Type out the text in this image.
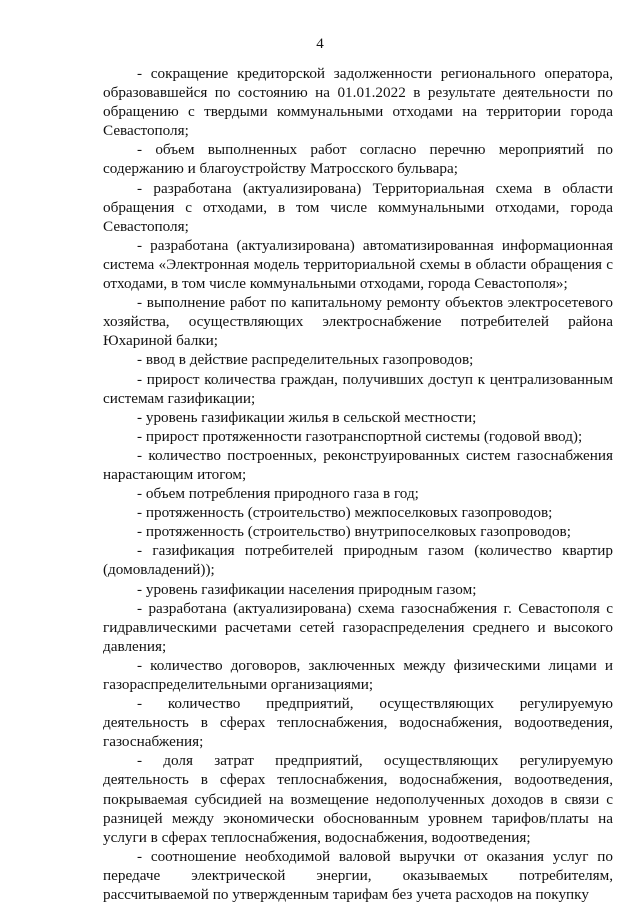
4

- сокращение кредиторской задолженности регионального оператора, образовавшейся по состоянию на 01.01.2022 в результате деятельности по обращению с твердыми коммунальными отходами на территории города Севастополя;

- объем выполненных работ согласно перечню мероприятий по содержанию и благоустройству Матросского бульвара;

- разработана (актуализирована) Территориальная схема в области обращения с отходами, в том числе коммунальными отходами, города Севастополя;

- разработана (актуализирована) автоматизированная информационная система «Электронная модель территориальной схемы в области обращения с отходами, в том числе коммунальными отходами, города Севастополя»;

- выполнение работ по капитальному ремонту объектов электросетевого хозяйства, осуществляющих электроснабжение потребителей района Юхариной балки;

- ввод в действие распределительных газопроводов;

- прирост количества граждан, получивших доступ к централизованным системам газификации;

- уровень газификации жилья в сельской местности;

- прирост протяженности газотранспортной системы (годовой ввод);

- количество построенных, реконструированных систем газоснабжения нарастающим итогом;

- объем потребления природного газа в год;

- протяженность (строительство) межпоселковых газопроводов;

- протяженность (строительство) внутрипоселковых газопроводов;

- газификация потребителей природным газом (количество квартир (домовладений));

- уровень газификации населения природным газом;

- разработана (актуализирована) схема газоснабжения г. Севастополя с гидравлическими расчетами сетей газораспределения среднего и высокого давления;

- количество договоров, заключенных между физическими лицами и газораспределительными организациями;

- количество предприятий, осуществляющих регулируемую деятельность в сферах теплоснабжения, водоснабжения, водоотведения, газоснабжения;

- доля затрат предприятий, осуществляющих регулируемую деятельность в сферах теплоснабжения, водоснабжения, водоотведения, покрываемая субсидией на возмещение недополученных доходов в связи с разницей между экономически обоснованным уровнем тарифов/платы на услуги в сферах теплоснабжения, водоснабжения, водоотведения;

- соотношение необходимой валовой выручки от оказания услуг по передаче электрической энергии, оказываемых потребителям, рассчитываемой по утвержденным тарифам без учета расходов на покупку
